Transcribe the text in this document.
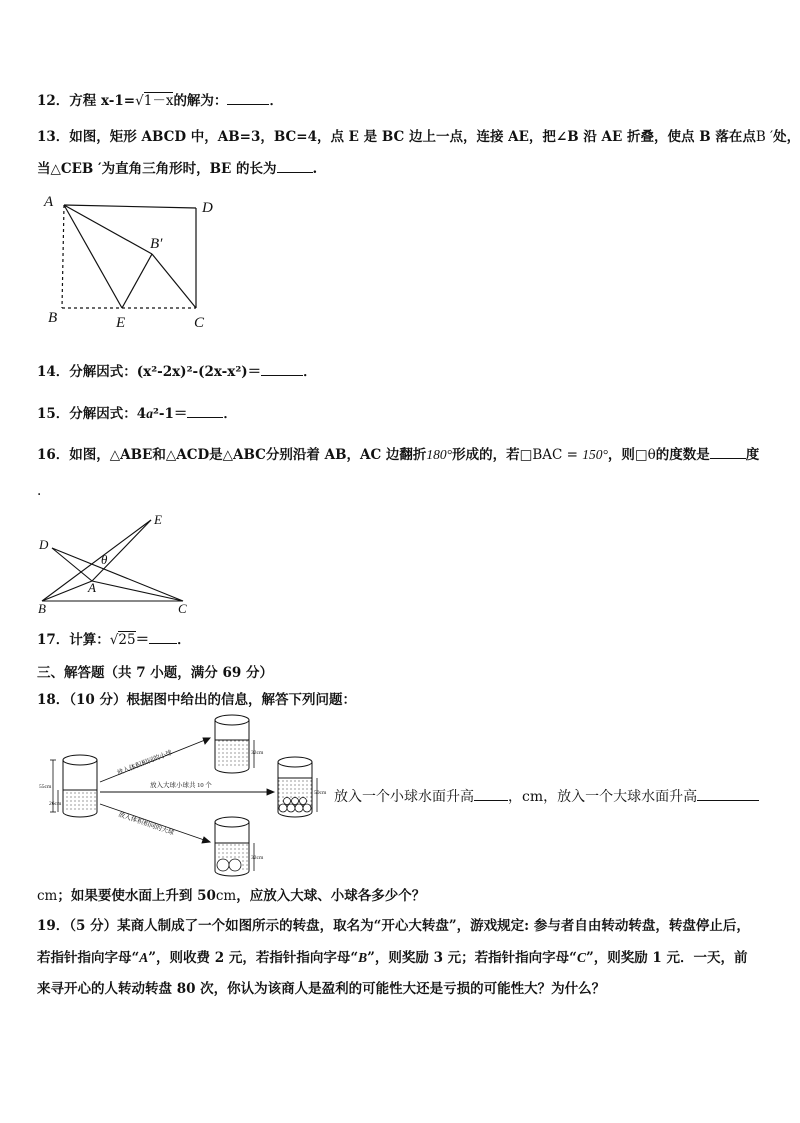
12．方程 x-1=√1－x的解为：	．
13．如图，矩形 ABCD 中，AB=3，BC=4，点 E 是 BC 边上一点，连接 AE，把∠B 沿 AE 折叠，使点 B 落在点B ′处，
当△CEB ′为直角三角形时，BE 的长为	.
A	D
B′
B	E	C
14．分解因式：(x²-2x)²-(2x-x²)＝	．
15．分解因式：4a²-1＝	．
16．如图，△ABE和△ACD是△ABC分别沿着 AB，AC 边翻折180°形成的，若□BAC = 150°，则□θ的度数是	度
.
E
D
θ
A
B	C
17．计算：√25＝ ．
三、解答题（共 7 小题，满分 69 分）
18．（10 分）根据图中给出的信息，解答下列问题：
55cm
26cm
放入体积相同的小球
放入大球小球共 10 个
放入体积相同的大球
32cm
50cm
32cm
放入一个小球水面升高 ，cm，放入一个大球水面升高
cm；如果要使水面上升到 50cm，应放入大球、小球各多少个？
19．（5 分）某商人制成了一个如图所示的转盘，取名为“开心大转盘”，游戏规定: 参与者自由转动转盘，转盘停止后，
若指针指向字母“A”，则收费 2 元，若指针指向字母“B”，则奖励 3 元；若指针指向字母“C”，则奖励 1 元．一天，前
来寻开心的人转动转盘 80 次，你认为该商人是盈利的可能性大还是亏损的可能性大？为什么？
